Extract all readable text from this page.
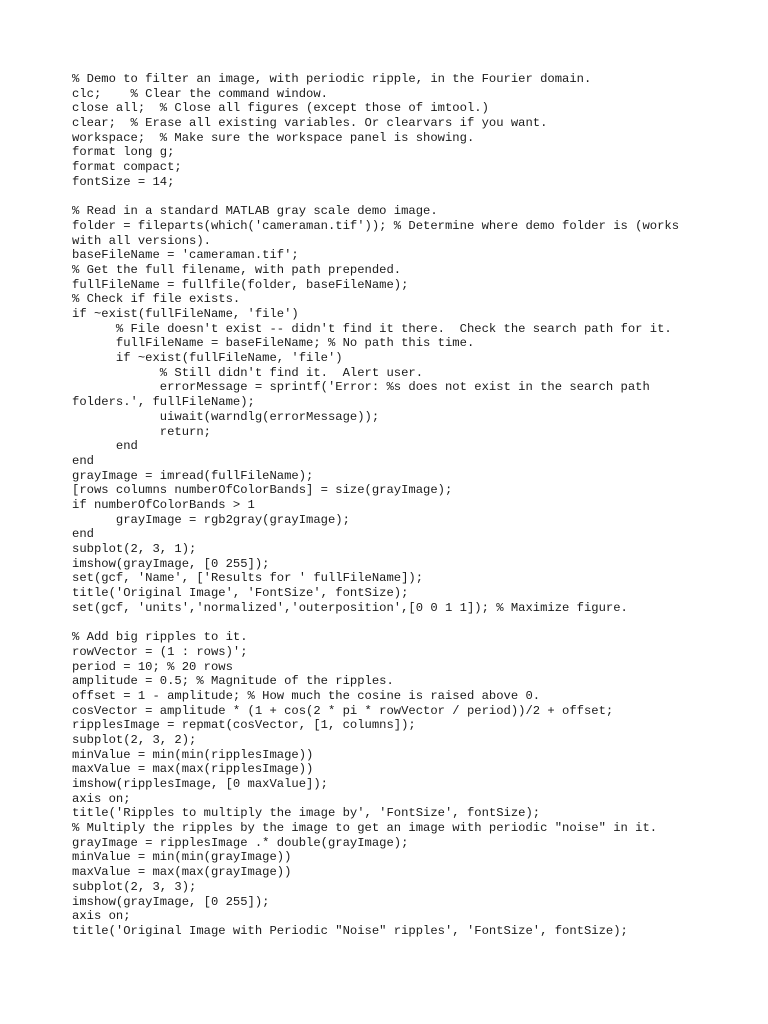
% Demo to filter an image, with periodic ripple, in the Fourier domain.
clc;    % Clear the command window.
close all;  % Close all figures (except those of imtool.)
clear;  % Erase all existing variables. Or clearvars if you want.
workspace;  % Make sure the workspace panel is showing.
format long g;
format compact;
fontSize = 14;
% Read in a standard MATLAB gray scale demo image.
folder = fileparts(which('cameraman.tif')); % Determine where demo folder is (works
with all versions).
baseFileName = 'cameraman.tif';
% Get the full filename, with path prepended.
fullFileName = fullfile(folder, baseFileName);
% Check if file exists.
if ~exist(fullFileName, 'file')
% File doesn't exist -- didn't find it there.  Check the search path for it.
fullFileName = baseFileName; % No path this time.
if ~exist(fullFileName, 'file')
% Still didn't find it.  Alert user.
errorMessage = sprintf('Error: %s does not exist in the search path
folders.', fullFileName);
uiwait(warndlg(errorMessage));
return;
end
end
grayImage = imread(fullFileName);
[rows columns numberOfColorBands] = size(grayImage);
if numberOfColorBands > 1
grayImage = rgb2gray(grayImage);
end
subplot(2, 3, 1);
imshow(grayImage, [0 255]);
set(gcf, 'Name', ['Results for ' fullFileName]);
title('Original Image', 'FontSize', fontSize);
set(gcf, 'units','normalized','outerposition',[0 0 1 1]); % Maximize figure.
% Add big ripples to it.
rowVector = (1 : rows)';
period = 10; % 20 rows
amplitude = 0.5; % Magnitude of the ripples.
offset = 1 - amplitude; % How much the cosine is raised above 0.
cosVector = amplitude * (1 + cos(2 * pi * rowVector / period))/2 + offset;
ripplesImage = repmat(cosVector, [1, columns]);
subplot(2, 3, 2);
minValue = min(min(ripplesImage))
maxValue = max(max(ripplesImage))
imshow(ripplesImage, [0 maxValue]);
axis on;
title('Ripples to multiply the image by', 'FontSize', fontSize);
% Multiply the ripples by the image to get an image with periodic "noise" in it.
grayImage = ripplesImage .* double(grayImage);
minValue = min(min(grayImage))
maxValue = max(max(grayImage))
subplot(2, 3, 3);
imshow(grayImage, [0 255]);
axis on;
title('Original Image with Periodic "Noise" ripples', 'FontSize', fontSize);
